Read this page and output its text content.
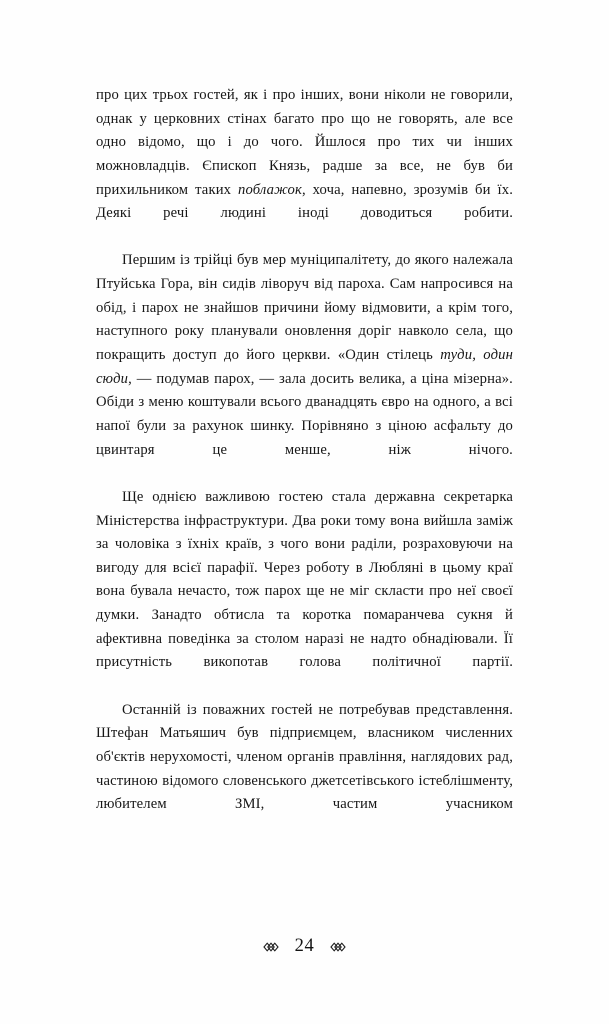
про цих трьох гостей, як і про інших, вони ніколи не говорили, однак у церковних стінах багато про що не говорять, але все одно відомо, що і до чого. Йшлося про тих чи інших можновладців. Єпископ Князь, радше за все, не був би прихильником таких поблажок, хоча, напевно, зрозумів би їх. Деякі речі людині іноді доводиться робити.

Першим із трійці був мер муніципалітету, до якого належала Птуйська Гора, він сидів ліворуч від пароха. Сам напросився на обід, і парох не знайшов причини йому відмовити, а крім того, наступного року планували оновлення доріг навколо села, що покращить доступ до його церкви. «Один стілець туди, один сюди, — подумав парох, — зала досить велика, а ціна мізерна». Обіди з меню коштували всього дванадцять євро на одного, а всі напої були за рахунок шинку. Порівняно з ціною асфальту до цвинтаря це менше, ніж нічого.

Ще однією важливою гостею стала державна секретарка Міністерства інфраструктури. Два роки тому вона вийшла заміж за чоловіка з їхніх країв, з чого вони раділи, розраховуючи на вигоду для всієї парафії. Через роботу в Любляні в цьому краї вона бувала нечасто, тож парох ще не міг скласти про неї своєї думки. Занадто обтисла та коротка помаранчева сукня й афективна поведінка за столом наразі не надто обнадіювали. Її присутність викопотав голова політичної партії.

Останній із поважних гостей не потребував представлення. Штефан Матьяшич був підприємцем, власником численних об'єктів нерухомості, членом органів правління, наглядових рад, частиною відомого словенського джетсетівського істеблішменту, любителем ЗМІ, частим учасником

24
